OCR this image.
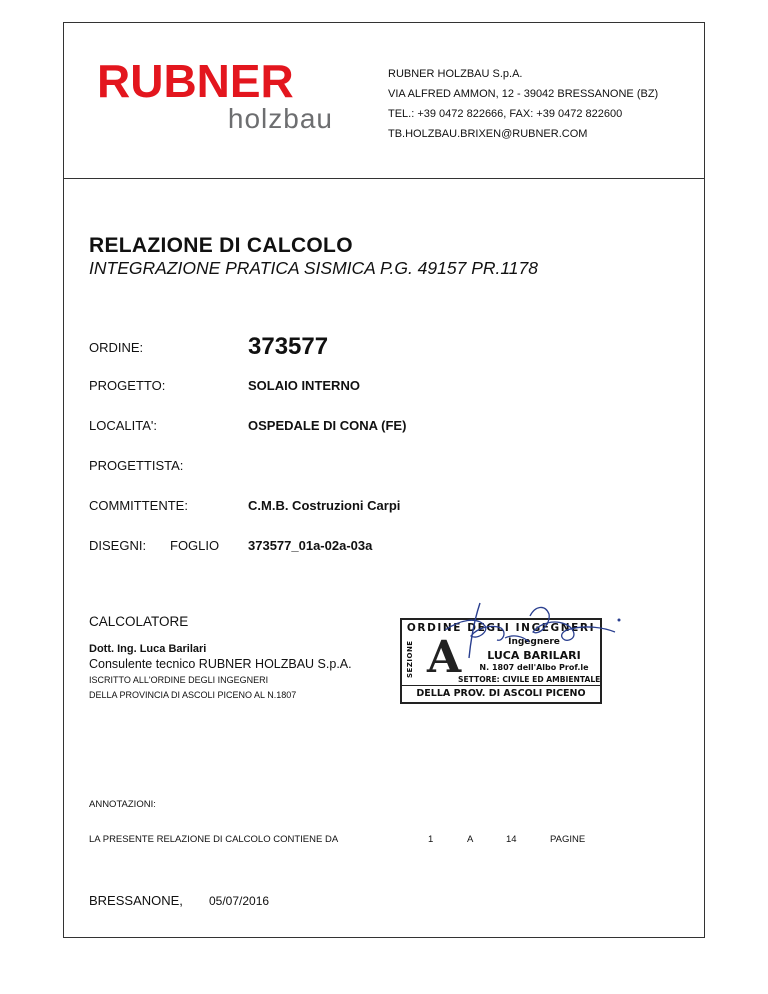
RUBNER
holzbau
RUBNER HOLZBAU S.p.A.
VIA ALFRED AMMON, 12 - 39042 BRESSANONE (BZ)
TEL.: +39 0472 822666, FAX: +39 0472 822600
TB.HOLZBAU.BRIXEN@RUBNER.COM
RELAZIONE DI CALCOLO
INTEGRAZIONE PRATICA SISMICA P.G. 49157 PR.1178
ORDINE:	373577
PROGETTO:	SOLAIO INTERNO
LOCALITA':	OSPEDALE DI CONA (FE)
PROGETTISTA:
COMMITTENTE:	C.M.B. Costruzioni Carpi
DISEGNI: FOGLIO 373577_01a-02a-03a
CALCOLATORE
Dott. Ing. Luca Barilari
Consulente tecnico RUBNER HOLZBAU S.p.A.
ISCRITTO ALL'ORDINE DEGLI INGEGNERI
DELLA PROVINCIA DI ASCOLI PICENO AL N.1807
ORDINE DEGLI INGEGNERI
SEZIONE A	Ingegnere
LUCA BARILARI
N. 1807 dell'Albo Prof.le
SETTORE: CIVILE ED AMBIENTALE
DELLA PROV. DI ASCOLI PICENO
ANNOTAZIONI:
LA PRESENTE RELAZIONE DI CALCOLO CONTIENE DA	1	A	14	PAGINE
BRESSANONE, 05/07/2016
